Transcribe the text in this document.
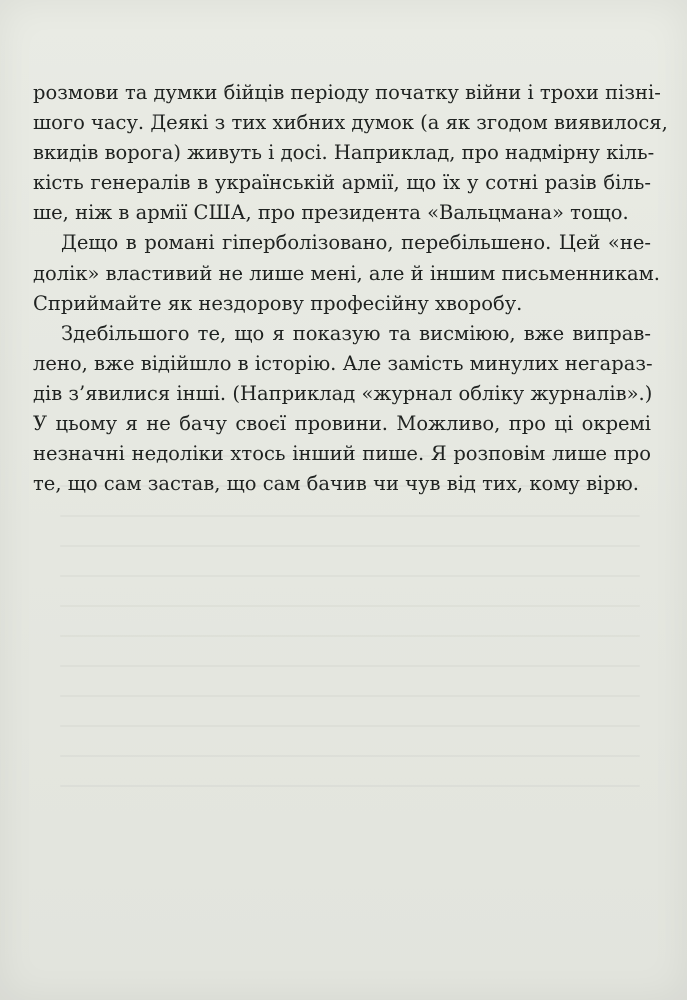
розмови та думки бійців періоду початку війни і трохи пізні-
шого часу. Деякі з тих хибних думок (а як згодом виявилося,
вкидів ворога) живуть і досі. Наприклад, про надмірну кіль-
кість генералів в українській армії, що їх у сотні разів біль-
ше, ніж в армії США, про президента «Вальцмана» тощо.
Дещо в романі гіперболізовано, перебільшено. Цей «не-
долік» властивий не лише мені, але й іншим письменникам.
Сприймайте як нездорову професійну хворобу.
Здебільшого те, що я показую та висміюю, вже виправ-
лено, вже відійшло в історію. Але замість минулих негараз-
дів з’явилися інші. (Наприклад «журнал обліку журналів».)
У цьому я не бачу своєї провини. Можливо, про ці окремі
незначні недоліки хтось інший пише. Я розповім лише про
те, що сам застав, що сам бачив чи чув від тих, кому вірю.
